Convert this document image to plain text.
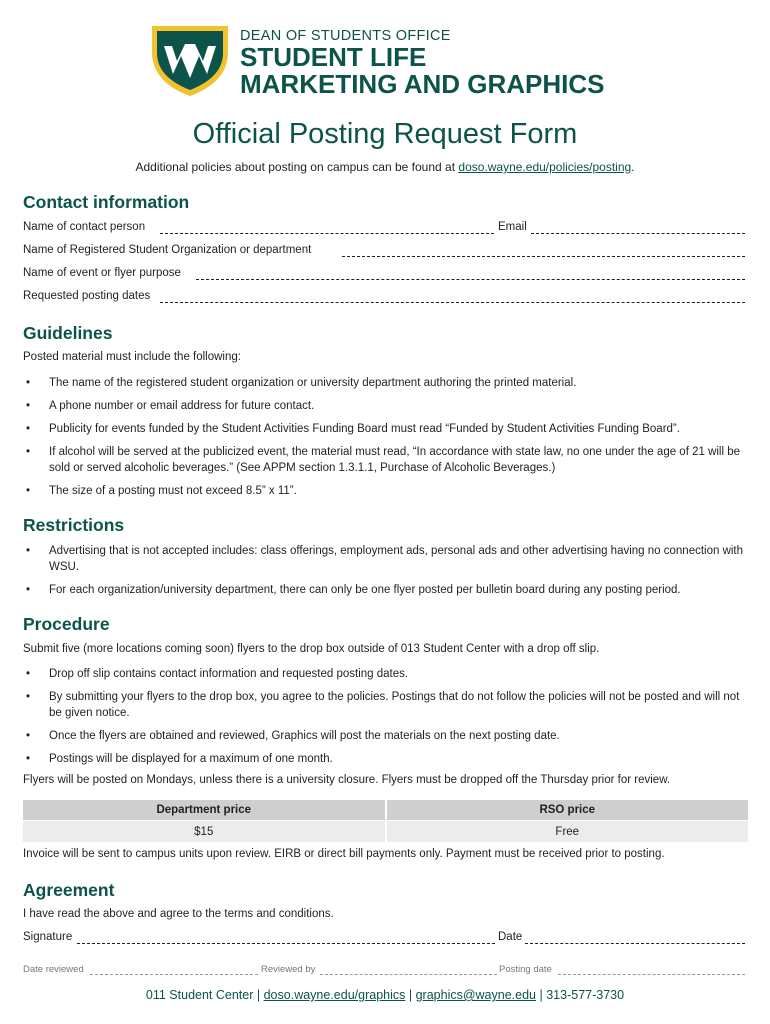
DEAN OF STUDENTS OFFICE
STUDENT LIFE
MARKETING AND GRAPHICS
Official Posting Request Form
Additional policies about posting on campus can be found at doso.wayne.edu/policies/posting.
Contact information
Name of contact person	Email
Name of Registered Student Organization or department
Name of event or flyer purpose
Requested posting dates
Guidelines
Posted material must include the following:
• The name of the registered student organization or university department authoring the printed material.
• A phone number or email address for future contact.
• Publicity for events funded by the Student Activities Funding Board must read “Funded by Student Activities Funding Board”.
• If alcohol will be served at the publicized event, the material must read, “In accordance with state law, no one under the age of 21 will be sold or served alcoholic beverages.” (See APPM section 1.3.1.1, Purchase of Alcoholic Beverages.)
• The size of a posting must not exceed 8.5” x 11”.
Restrictions
• Advertising that is not accepted includes: class offerings, employment ads, personal ads and other advertising having no connection with WSU.
• For each organization/university department, there can only be one flyer posted per bulletin board during any posting period.
Procedure
Submit five (more locations coming soon) flyers to the drop box outside of 013 Student Center with a drop off slip.
• Drop off slip contains contact information and requested posting dates.
• By submitting your flyers to the drop box, you agree to the policies. Postings that do not follow the policies will not be posted and will not be given notice.
• Once the flyers are obtained and reviewed, Graphics will post the materials on the next posting date.
• Postings will be displayed for a maximum of one month.
Flyers will be posted on Mondays, unless there is a university closure. Flyers must be dropped off the Thursday prior for review.
Department price	RSO price
$15	Free
Invoice will be sent to campus units upon review. EIRB or direct bill payments only. Payment must be received prior to posting.
Agreement
I have read the above and agree to the terms and conditions.
Signature	Date
Date reviewed	Reviewed by	Posting date
011 Student Center | doso.wayne.edu/graphics | graphics@wayne.edu | 313-577-3730
